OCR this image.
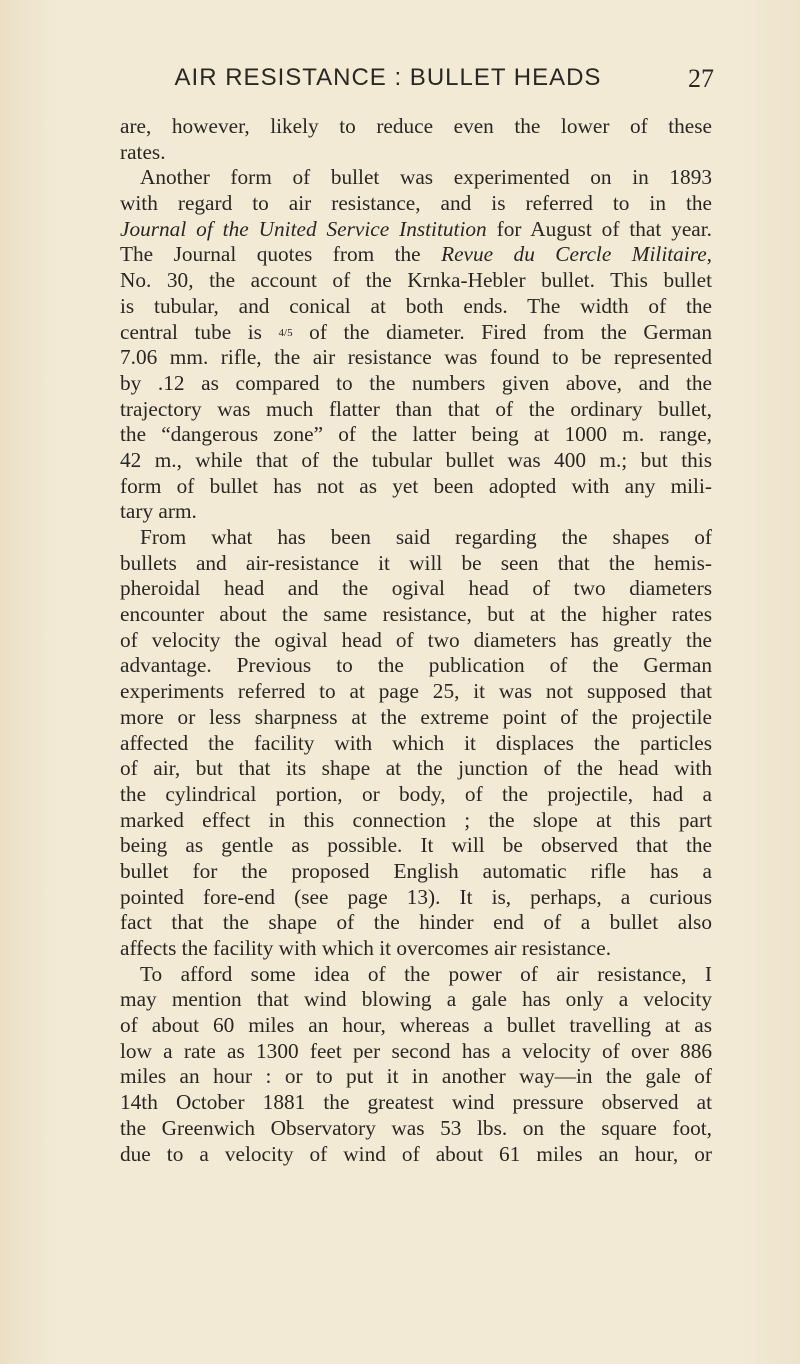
AIR RESISTANCE : BULLET HEADS	27
are, however, likely to reduce even the lower of these
rates.
Another form of bullet was experimented on in 1893
with regard to air resistance, and is referred to in the
Journal of the United Service Institution for August of that year.
The Journal quotes from the Revue du Cercle Militaire,
No. 30, the account of the Krnka-Hebler bullet. This bullet
is tubular, and conical at both ends. The width of the
central tube is 4/5 of the diameter. Fired from the German
7.06 mm. rifle, the air resistance was found to be represented
by .12 as compared to the numbers given above, and the
trajectory was much flatter than that of the ordinary bullet,
the “dangerous zone” of the latter being at 1000 m. range,
42 m., while that of the tubular bullet was 400 m.; but this
form of bullet has not as yet been adopted with any mili-
tary arm.
From what has been said regarding the shapes of
bullets and air-resistance it will be seen that the hemis-
pheroidal head and the ogival head of two diameters
encounter about the same resistance, but at the higher rates
of velocity the ogival head of two diameters has greatly the
advantage. Previous to the publication of the German
experiments referred to at page 25, it was not supposed that
more or less sharpness at the extreme point of the projectile
affected the facility with which it displaces the particles
of air, but that its shape at the junction of the head with
the cylindrical portion, or body, of the projectile, had a
marked effect in this connection ; the slope at this part
being as gentle as possible. It will be observed that the
bullet for the proposed English automatic rifle has a
pointed fore-end (see page 13). It is, perhaps, a curious
fact that the shape of the hinder end of a bullet also
affects the facility with which it overcomes air resistance.
To afford some idea of the power of air resistance, I
may mention that wind blowing a gale has only a velocity
of about 60 miles an hour, whereas a bullet travelling at as
low a rate as 1300 feet per second has a velocity of over 886
miles an hour : or to put it in another way—in the gale of
14th October 1881 the greatest wind pressure observed at
the Greenwich Observatory was 53 lbs. on the square foot,
due to a velocity of wind of about 61 miles an hour, or
